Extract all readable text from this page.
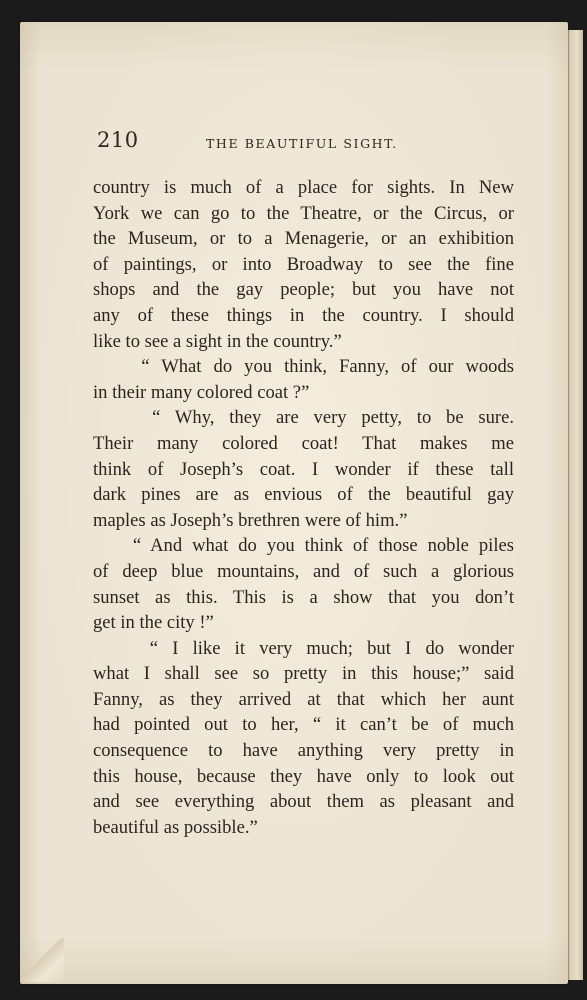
210	THE BEAUTIFUL SIGHT.
country is much of a place for sights. In New
York we can go to the Theatre, or the Circus, or
the Museum, or to a Menagerie, or an exhibition
of paintings, or into Broadway to see the fine
shops and the gay people; but you have not
any of these things in the country. I should
like to see a sight in the country.”
“ What do you think, Fanny, of our woods
in their many colored coat ?”
“ Why, they are very petty, to be sure.
Their many colored coat! That makes me
think of Joseph’s coat. I wonder if these tall
dark pines are as envious of the beautiful gay
maples as Joseph’s brethren were of him.”
“ And what do you think of those noble piles
of deep blue mountains, and of such a glorious
sunset as this. This is a show that you don’t
get in the city !”
“ I like it very much; but I do wonder
what I shall see so pretty in this house;” said
Fanny, as they arrived at that which her aunt
had pointed out to her, “ it can’t be of much
consequence to have anything very pretty in
this house, because they have only to look out
and see everything about them as pleasant and
beautiful as possible.”
